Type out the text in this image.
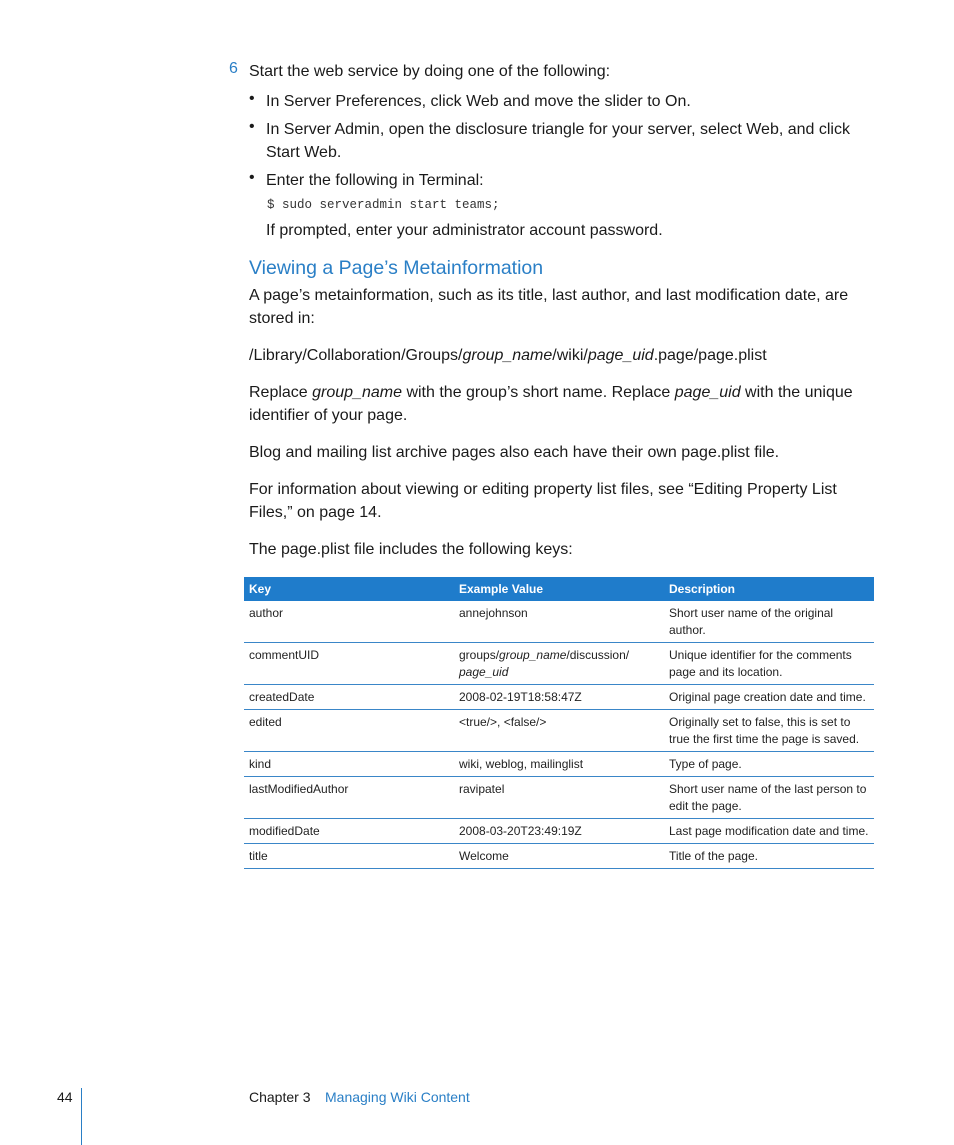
6 Start the web service by doing one of the following:
• In Server Preferences, click Web and move the slider to On.
• In Server Admin, open the disclosure triangle for your server, select Web, and click
Start Web.
• Enter the following in Terminal:
$ sudo serveradmin start teams;
If prompted, enter your administrator account password.
Viewing a Page’s Metainformation
A page’s metainformation, such as its title, last author, and last modification date, are
stored in:
/Library/Collaboration/Groups/group_name/wiki/page_uid.page/page.plist
Replace group_name with the group’s short name. Replace page_uid with the unique
identifier of your page.
Blog and mailing list archive pages also each have their own page.plist file.
For information about viewing or editing property list files, see “Editing Property List
Files,” on page 14.
The page.plist file includes the following keys:
Key	Example Value	Description
author	annejohnson	Short user name of the original author.
commentUID	groups/group_name/discussion/
page_uid	Unique identifier for the comments page and its location.
createdDate	2008-02-19T18:58:47Z	Original page creation date and time.
edited	<true/>, <false/>	Originally set to false, this is set to true the first time the page is saved.
kind	wiki, weblog, mailinglist	Type of page.
lastModifiedAuthor	ravipatel	Short user name of the last person to edit the page.
modifiedDate	2008-03-20T23:49:19Z	Last page modification date and time.
title	Welcome	Title of the page.
44	Chapter 3 Managing Wiki Content
